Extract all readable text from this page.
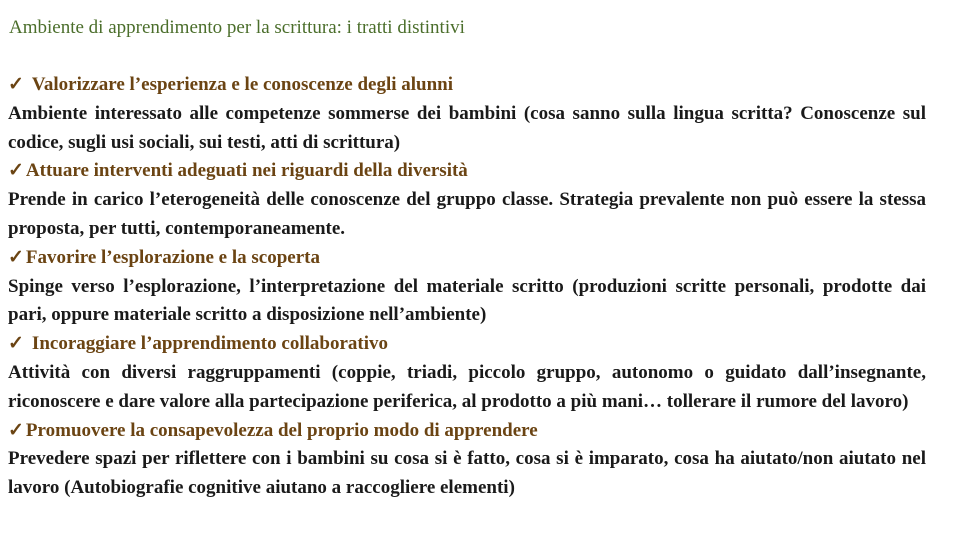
Ambiente di apprendimento per la scrittura: i tratti distintivi
✓ Valorizzare l’esperienza e le conoscenze degli alunni

Ambiente interessato alle competenze sommerse dei bambini (cosa sanno sulla lingua scritta? Conoscenze sul codice, sugli usi sociali, sui testi, atti di scrittura)

✓ Attuare interventi adeguati nei riguardi della diversità

Prende in carico l’eterogeneità delle conoscenze del gruppo classe. Strategia prevalente non può essere la stessa proposta, per tutti, contemporaneamente.

✓ Favorire l’esplorazione e la scoperta

Spinge verso l’esplorazione, l’interpretazione del materiale scritto (produzioni scritte personali, prodotte dai pari, oppure materiale scritto a disposizione nell’ambiente)

✓ Incoraggiare l’apprendimento collaborativo

Attività con diversi raggruppamenti (coppie, triadi, piccolo gruppo, autonomo o guidato dall’insegnante, riconoscere e dare valore alla partecipazione periferica, al prodotto a più mani… tollerare il rumore del lavoro)

✓ Promuovere la consapevolezza del proprio modo di apprendere

Prevedere spazi per riflettere con i bambini su cosa si è fatto, cosa si è imparato, cosa ha aiutato/non aiutato nel lavoro (Autobiografie cognitive aiutano a raccogliere elementi)
